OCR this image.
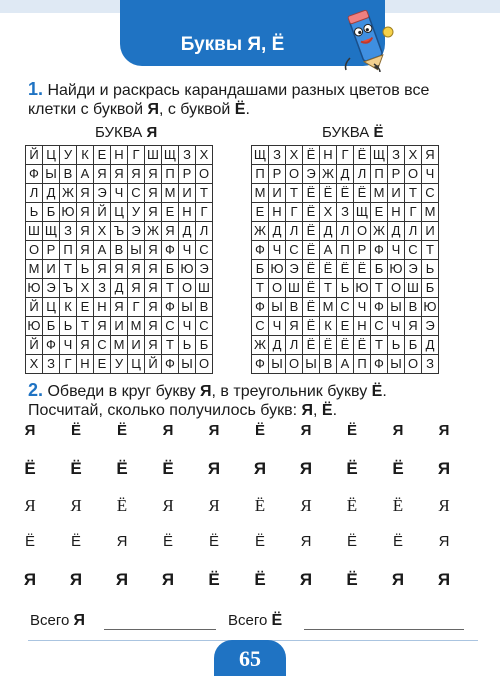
Буквы Я, Ё
1. Найди и раскрась карандашами разных цветов все клетки с буквой Я, с буквой Ё.
БУКВА Я	БУКВА Ё
Й	Ц	У	К	Е	Н	Г	Ш	Щ	З	Х
Ф	Ы	В	А	Я	Я	Я	Я	П	Р	О
Л	Д	Ж	Я	Э	Ч	С	Я	М	И	Т
Ь	Б	Ю	Я	Й	Ц	У	Я	Е	Н	Г
Ш	Щ	З	Я	Х	Ъ	Э	Ж	Я	Д	Л
О	Р	П	Я	А	В	Ы	Я	Ф	Ч	С
М	И	Т	Ь	Я	Я	Я	Я	Б	Ю	Э
Ю	Э	Ъ	Х	З	Д	Я	Я	Т	О	Ш
Й	Ц	К	Е	Н	Я	Г	Я	Ф	Ы	В
Ю	Б	Ь	Т	Я	И	М	Я	С	Ч	С
Й	Ф	Ч	Я	С	М	И	Я	Т	Ь	Б
Х	З	Г	Н	Е	У	Ц	Й	Ф	Ы	О
Щ	З	Х	Ё	Н	Г	Ё	Щ	З	Х	Я
П	Р	О	Э	Ж	Д	Л	П	Р	О	Ч
М	И	Т	Ё	Ё	Ё	Ё	М	И	Т	С
Е	Н	Г	Ё	Х	З	Щ	Е	Н	Г	М
Ж	Д	Л	Ё	Д	Л	О	Ж	Д	Л	И
Ф	Ч	С	Ё	А	П	Р	Ф	Ч	С	Т
Б	Ю	Э	Ё	Ё	Ё	Ё	Б	Ю	Э	Ь
Т	О	Ш	Ё	Т	Ь	Ю	Т	О	Ш	Б
Ф	Ы	В	Ё	М	С	Ч	Ф	Ы	В	Ю
С	Ч	Я	Ё	К	Е	Н	С	Ч	Я	Э
Ж	Д	Л	Ё	Ё	Ё	Ё	Т	Ь	Б	Д
Ф	Ы	О	Ы	В	А	П	Ф	Ы	О	З
2. Обведи в круг букву Я, в треугольник букву Ё.
Посчитай, сколько получилось букв: Я, Ё.
Я	Ё	Ё	Я	Я	Ё	Я	Ё	Я	Я
Ё Ё Ё Ё Я Я Я Ё Ё Я
Я Я Ё Я Я Ё Я Ё Ё Я
Ё	Ё	Я	Ё	Ё	Ё	Я	Ё	Ё	Я
Я Я Я Я Ё Ё Я Ё Я Я
Всего Я	Всего Ё
65
